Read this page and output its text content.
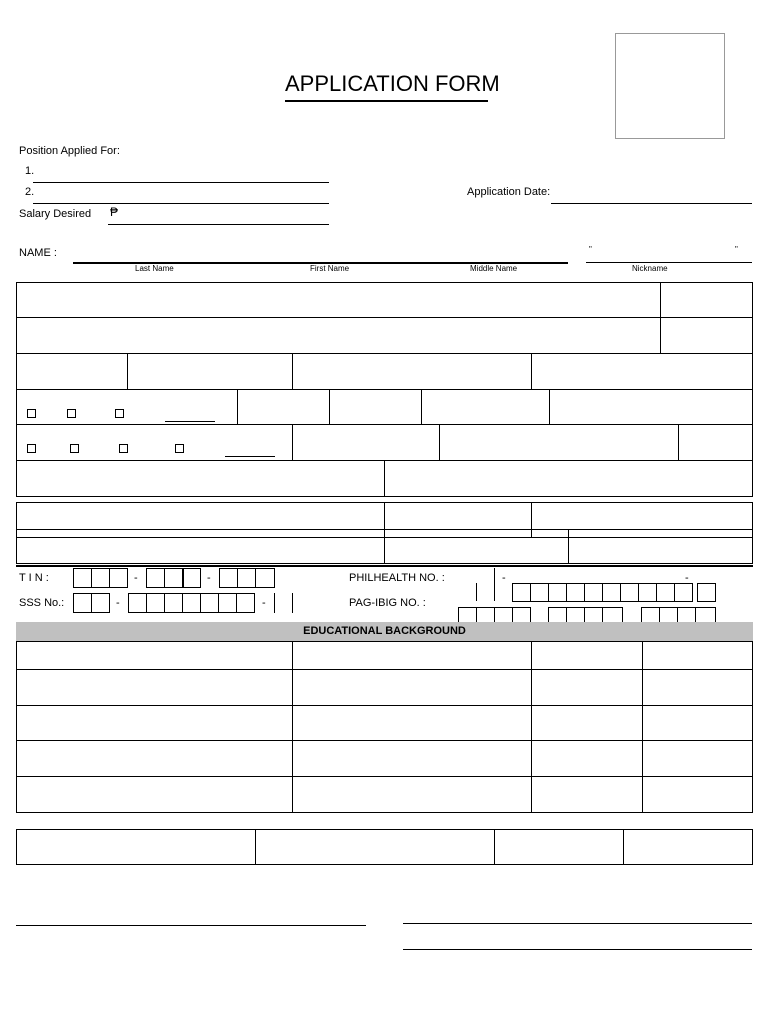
APPLICATION FORM
Position Applied For:
1.
2.
Salary Desired ₱
Application Date:
NAME :
Last Name	First Name	Middle Name
"	"
Nickname
T I N :	-	-
SSS No.:	-	-
PHILHEALTH NO. :	-	-
PAG-IBIG NO. :
EDUCATIONAL BACKGROUND
